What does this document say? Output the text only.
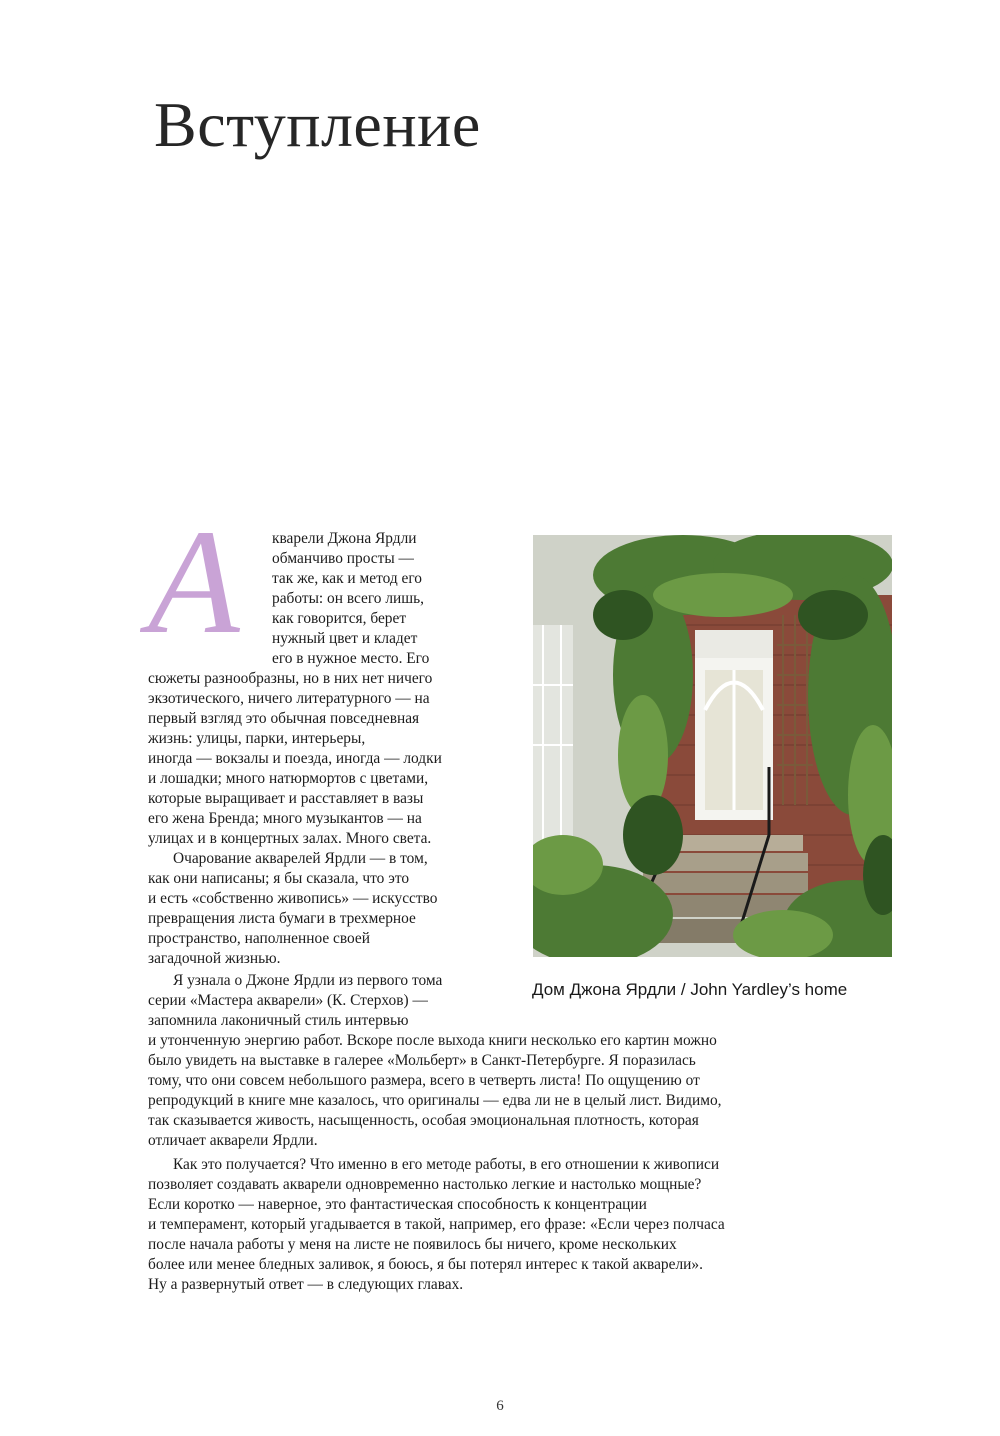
Вступление
А кварели Джона Ярдли

обманчиво просты —

так же, как и метод его

работы: он всего лишь,

как говорится, берет

нужный цвет и кладет

его в нужное место. Его

сюжеты разнообразны, но в них нет ничего

экзотического, ничего литературного — на

первый взгляд это обычная повседневная

жизнь: улицы, парки, интерьеры,

иногда — вокзалы и поезда, иногда — лодки

и лошадки; много натюрмортов с цветами,

которые выращивает и расставляет в вазы

его жена Бренда; много музыкантов — на

улицах и в концертных залах. Много света.

Очарование акварелей Ярдли — в том,

как они написаны; я бы сказала, что это

и есть «собственно живопись» — искусство

превращения листа бумаги в трехмерное

пространство, наполненное своей

загадочной жизнью.

Я узнала о Джоне Ярдли из первого тома

серии «Мастера акварели» (К. Стерхов) —

запомнила лаконичный стиль интервью

и утонченную энергию работ. Вскоре после выхода книги несколько его картин можно

было увидеть на выставке в галерее «Мольберт» в Санкт-Петербурге. Я поразилась

тому, что они совсем небольшого размера, всего в четверть листа! По ощущению от

репродукций в книге мне казалось, что оригиналы — едва ли не в целый лист. Видимо,

так сказывается живость, насыщенность, особая эмоциональная плотность, которая

отличает акварели Ярдли.

Как это получается? Что именно в его методе работы, в его отношении к живописи

позволяет создавать акварели одновременно настолько легкие и настолько мощные?

Если коротко — наверное, это фантастическая способность к концентрации

и темперамент, который угадывается в такой, например, его фразе: «Если через полчаса

после начала работы у меня на листе не появилось бы ничего, кроме нескольких

более или менее бледных заливок, я боюсь, я бы потерял интерес к такой акварели».

Ну а развернутый ответ — в следующих главах.

Дом Джона Ярдли / John Yardley’s home

6
